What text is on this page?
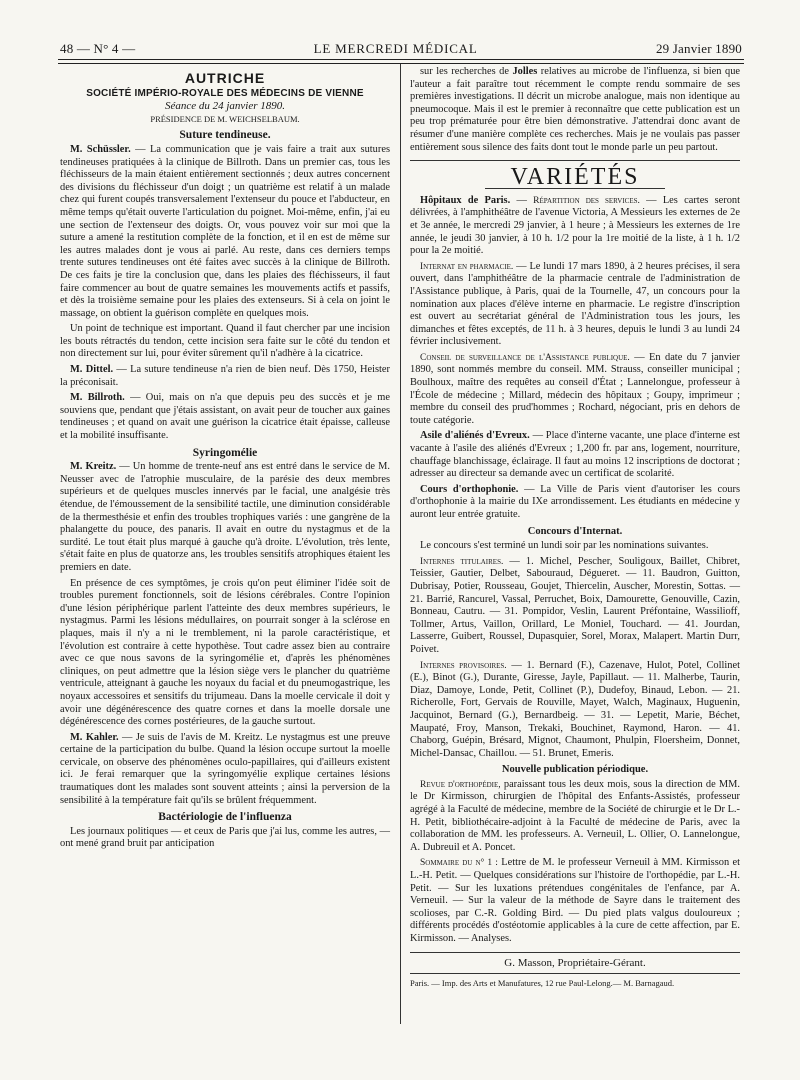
48 — N° 4 —	LE MERCREDI MÉDICAL	29 Janvier 1890
AUTRICHE
SOCIÉTÉ IMPÉRIO-ROYALE DES MÉDECINS DE VIENNE
Séance du 24 janvier 1890.
PRÉSIDENCE DE M. WEICHSELBAUM.
Suture tendineuse.

M. Schüssler. — La communication que je vais faire a trait aux sutures tendineuses pratiquées à la clinique de Billroth. Dans un premier cas, tous les fléchisseurs de la main étaient entièrement sectionnés ; deux autres concernent des divisions du fléchisseur d'un doigt ; un quatrième est relatif à un malade chez qui furent coupés transversalement l'extenseur du pouce et l'abducteur, en même temps qu'était ouverte l'articulation du poignet. Moi-même, enfin, j'ai eu une section de l'extenseur des doigts. Or, vous pouvez voir sur moi que la suture a amené la restitution complète de la fonction, et il en est de même sur les autres malades dont je vous ai parlé. Au reste, dans ces derniers temps trente sutures tendineuses ont été faites avec succès à la clinique de Billroth. De ces faits je tire la conclusion que, dans les plaies des fléchisseurs, il faut faire commencer au bout de quatre semaines les mouvements actifs et passifs, et dès la troisième semaine pour les plaies des extenseurs. Si à cela on joint le massage, on obtient la guérison complète en quelques mois.

Un point de technique est important. Quand il faut chercher par une incision les bouts rétractés du tendon, cette incision sera faite sur le côté du tendon et non directement sur lui, pour éviter sûrement qu'il n'adhère à la cicatrice.

M. Dittel. — La suture tendineuse n'a rien de bien neuf. Dès 1750, Heister la préconisait.

M. Billroth. — Oui, mais on n'a que depuis peu des succès et je me souviens que, pendant que j'étais assistant, on avait peur de toucher aux gaines tendineuses ; et quand on avait une guérison la cicatrice était épaisse, calleuse et la mobilité insuffisante.

Syringomélie

M. Kreitz. — Un homme de trente-neuf ans est entré dans le service de M. Neusser avec de l'atrophie musculaire, de la parésie des deux membres supérieurs et de quelques muscles innervés par le facial, une analgésie très étendue, de l'émoussement de la sensibilité tactile, une diminution considérable de la thermesthésie et enfin des troubles trophiques variés : une gangrène de la phalangette du pouce, des panaris. Il avait en outre du nystagmus et de la surdité. Le tout était plus marqué à gauche qu'à droite. L'évolution, très lente, s'était faite en plus de quatorze ans, les troubles sensitifs atrophiques étaient les premiers en date.

En présence de ces symptômes, je crois qu'on peut éliminer l'idée soit de troubles purement fonctionnels, soit de lésions cérébrales. Contre l'opinion d'une lésion périphérique parlent l'atteinte des deux membres supérieurs, le nystagmus. Parmi les lésions médullaires, on pourrait songer à la sclérose en plaques, mais il n'y a ni le tremblement, ni la parole caractéristique, et l'évolution est contraire à cette hypothèse. Tout cadre assez bien au contraire avec ce que nous savons de la syringomélie et, d'après les phénomènes cliniques, on peut admettre que la lésion siège vers le plancher du quatrième ventricule, atteignant à gauche les noyaux du facial et du pneumogastrique, les noyaux accessoires et sensitifs du trijumeau. Dans la moelle cervicale il doit y avoir une dégénérescence des quatre cornes et dans la moelle dorsale une dégénérescence des cornes postérieures, de la gauche surtout.

M. Kahler. — Je suis de l'avis de M. Kreitz. Le nystagmus est une preuve certaine de la participation du bulbe. Quand la lésion occupe surtout la moelle cervicale, on observe des phénomènes oculo-papillaires, qui d'ailleurs existent ici. Je ferai remarquer que la syringomyélie explique certaines lésions traumatiques dont les malades sont souvent atteints ; ainsi la perversion de la sensibilité à la température fait qu'ils se brûlent fréquemment.

Bactériologie de l'influenza

Les journaux politiques — et ceux de Paris que j'ai lus, comme les autres, — ont mené grand bruit par anticipation

sur les recherches de Jolles relatives au microbe de l'influenza, si bien que l'auteur a fait paraître tout récemment le compte rendu sommaire de ses premières investigations. Il décrit un microbe analogue, mais non identique au pneumocoque. Mais il est le premier à reconnaître que cette publication est un peu trop prématurée pour être bien démonstrative. J'attendrai donc avant de résumer d'une manière complète ces recherches. Mais je ne voulais pas passer entièrement sous silence des faits dont tout le monde parle un peu partout.

VARIÉTÉS

Hôpitaux de Paris. — Répartition des services. — Les cartes seront délivrées, à l'amphithéâtre de l'avenue Victoria, A Messieurs les externes de 2e et 3e année, le mercredi 29 janvier, à 1 heure ; à Messieurs les externes de 1re année, le jeudi 30 janvier, à 10 h. 1/2 pour la 1re moitié de la liste, à 1 h. 1/2 pour la 2e moitié.

Internat en pharmacie. — Le lundi 17 mars 1890, à 2 heures précises, il sera ouvert, dans l'amphithéâtre de la pharmacie centrale de l'administration de l'Assistance publique, à Paris, quai de la Tournelle, 47, un concours pour la nomination aux places d'élève interne en pharmacie. Le registre d'inscription est ouvert au secrétariat général de l'Administration tous les jours, les dimanches et fêtes exceptés, de 11 h. à 3 heures, depuis le lundi 3 au lundi 24 février inclusivement.

Conseil de surveillance de l'Assistance publique. — En date du 7 janvier 1890, sont nommés membre du conseil. MM. Strauss, conseiller municipal ; Boulhoux, maître des requêtes au conseil d'État ; Lannelongue, professeur à l'École de médecine ; Millard, médecin des hôpitaux ; Goupy, imprimeur ; membre du conseil des prud'hommes ; Rochard, négociant, pris en dehors de toute catégorie.

Asile d'aliénés d'Evreux. — Place d'interne vacante, une place d'interne est vacante à l'asile des aliénés d'Evreux ; 1,200 fr. par ans, logement, nourriture, chauffage blanchissage, éclairage. Il faut au moins 12 inscriptions de doctorat ; adresser au directeur sa demande avec un certificat de scolarité.

Cours d'orthophonie. — La Ville de Paris vient d'autoriser les cours d'orthophonie à la mairie du IXe arrondissement. Les étudiants en médecine y auront leur entrée gratuite.

Concours d'Internat.

Le concours s'est terminé un lundi soir par les nominations suivantes.

Internes titulaires. — 1. Michel, Pescher, Souligoux, Baillet, Chibret, Teissier, Gautier, Delbet, Sabouraud, Dégueret. — 11. Baudron, Guitton, Dubrisay, Potier, Rousseau, Goujet, Thiercelin, Auscher, Morestin, Sottas. — 21. Barrié, Rancurel, Vassal, Perruchet, Boix, Damourette, Genouville, Cazin, Bonneau, Cautru. — 31. Pompidor, Veslin, Laurent Préfontaine, Wassilioff, Tollmer, Artus, Vaillon, Orillard, Le Moniel, Touchard. — 41. Jourdan, Lasserre, Guibert, Roussel, Dupasquier, Sorel, Morax, Malapert. Martin Durr, Poivet.

Internes provisoires. — 1. Bernard (F.), Cazenave, Hulot, Potel, Collinet (E.), Binot (G.), Durante, Giresse, Jayle, Papillaut. — 11. Malherbe, Taurin, Diaz, Damoye, Londe, Petit, Collinet (P.), Dudefoy, Binaud, Lebon. — 21. Richerolle, Fort, Gervais de Rouville, Mayet, Walch, Maginaux, Huguenin, Jacquinot, Bernard (G.), Bernardbeig. — 31. — Lepetit, Marie, Béchet, Maupaté, Froy, Manson, Trekaki, Bouchinet, Raymond, Haron. — 41. Chaborg, Guépin, Brésard, Mignot, Chaumont, Phulpin, Floersheim, Donnet, Michel-Dansac, Chaillou. — 51. Brunet, Emeris.

Nouvelle publication périodique.

Revue d'orthopédie, paraissant tous les deux mois, sous la direction de MM. le Dr Kirmisson, chirurgien de l'hôpital des Enfants-Assistés, professeur agrégé à la Faculté de médecine, membre de la Société de chirurgie et le Dr L.-H. Petit, bibliothécaire-adjoint à la Faculté de médecine de Paris, avec la collaboration de MM. les professeurs. A. Verneuil, L. Ollier, O. Lannelongue, A. Dubreuil et A. Poncet.

Sommaire du n° 1 : Lettre de M. le professeur Verneuil à MM. Kirmisson et L.-H. Petit. — Quelques considérations sur l'histoire de l'orthopédie, par L.-H. Petit. — Sur les luxations prétendues congénitales de l'enfance, par A. Verneuil. — Sur la valeur de la méthode de Sayre dans le traitement des scolioses, par C.-R. Golding Bird. — Du pied plats valgus douloureux ; différents procédés d'ostéotomie applicables à la cure de cette affection, par E. Kirmisson. — Analyses.

G. Masson, Propriétaire-Gérant.

Paris. — Imp. des Arts et Manufatures, 12 rue Paul-Lelong.— M. Barnagaud.
